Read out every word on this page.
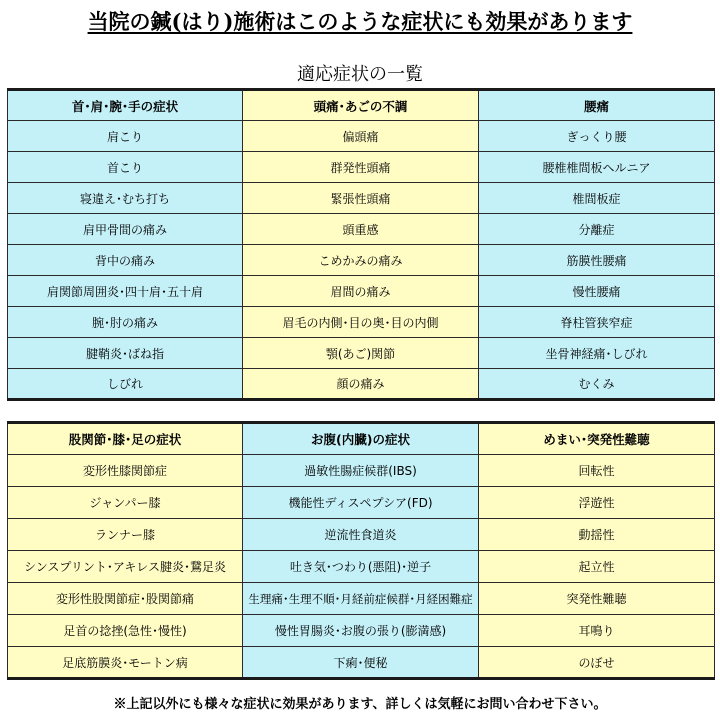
当院の鍼(はり)施術はこのような症状にも効果があります
適応症状の一覧
首･肩･腕･手の症状	頭痛･あごの不調	腰痛
肩こり	偏頭痛	ぎっくり腰
首こり	群発性頭痛	腰椎椎間板ヘルニア
寝違え･むち打ち	緊張性頭痛	椎間板症
肩甲骨間の痛み	頭重感	分離症
背中の痛み	こめかみの痛み	筋膜性腰痛
肩関節周囲炎･四十肩･五十肩	眉間の痛み	慢性腰痛
腕･肘の痛み	眉毛の内側･目の奥･目の内側	脊柱管狭窄症
腱鞘炎･ばね指	顎(あご)関節	坐骨神経痛･しびれ
しびれ	顔の痛み	むくみ
股関節･膝･足の症状	お腹(内臓)の症状	めまい･突発性難聴
変形性膝関節症	過敏性腸症候群(IBS)	回転性
ジャンパー膝	機能性ディスペプシア(FD)	浮遊性
ランナー膝	逆流性食道炎	動揺性
シンスプリント･アキレス腱炎･鵞足炎	吐き気･つわり(悪阻)･逆子	起立性
変形性股関節症･股関節痛	生理痛･生理不順･月経前症候群･月経困難症	突発性難聴
足首の捻挫(急性･慢性)	慢性胃腸炎･お腹の張り(膨満感)	耳鳴り
足底筋膜炎･モートン病	下痢･便秘	のぼせ
※上記以外にも様々な症状に効果があります、詳しくは気軽にお問い合わせ下さい。
